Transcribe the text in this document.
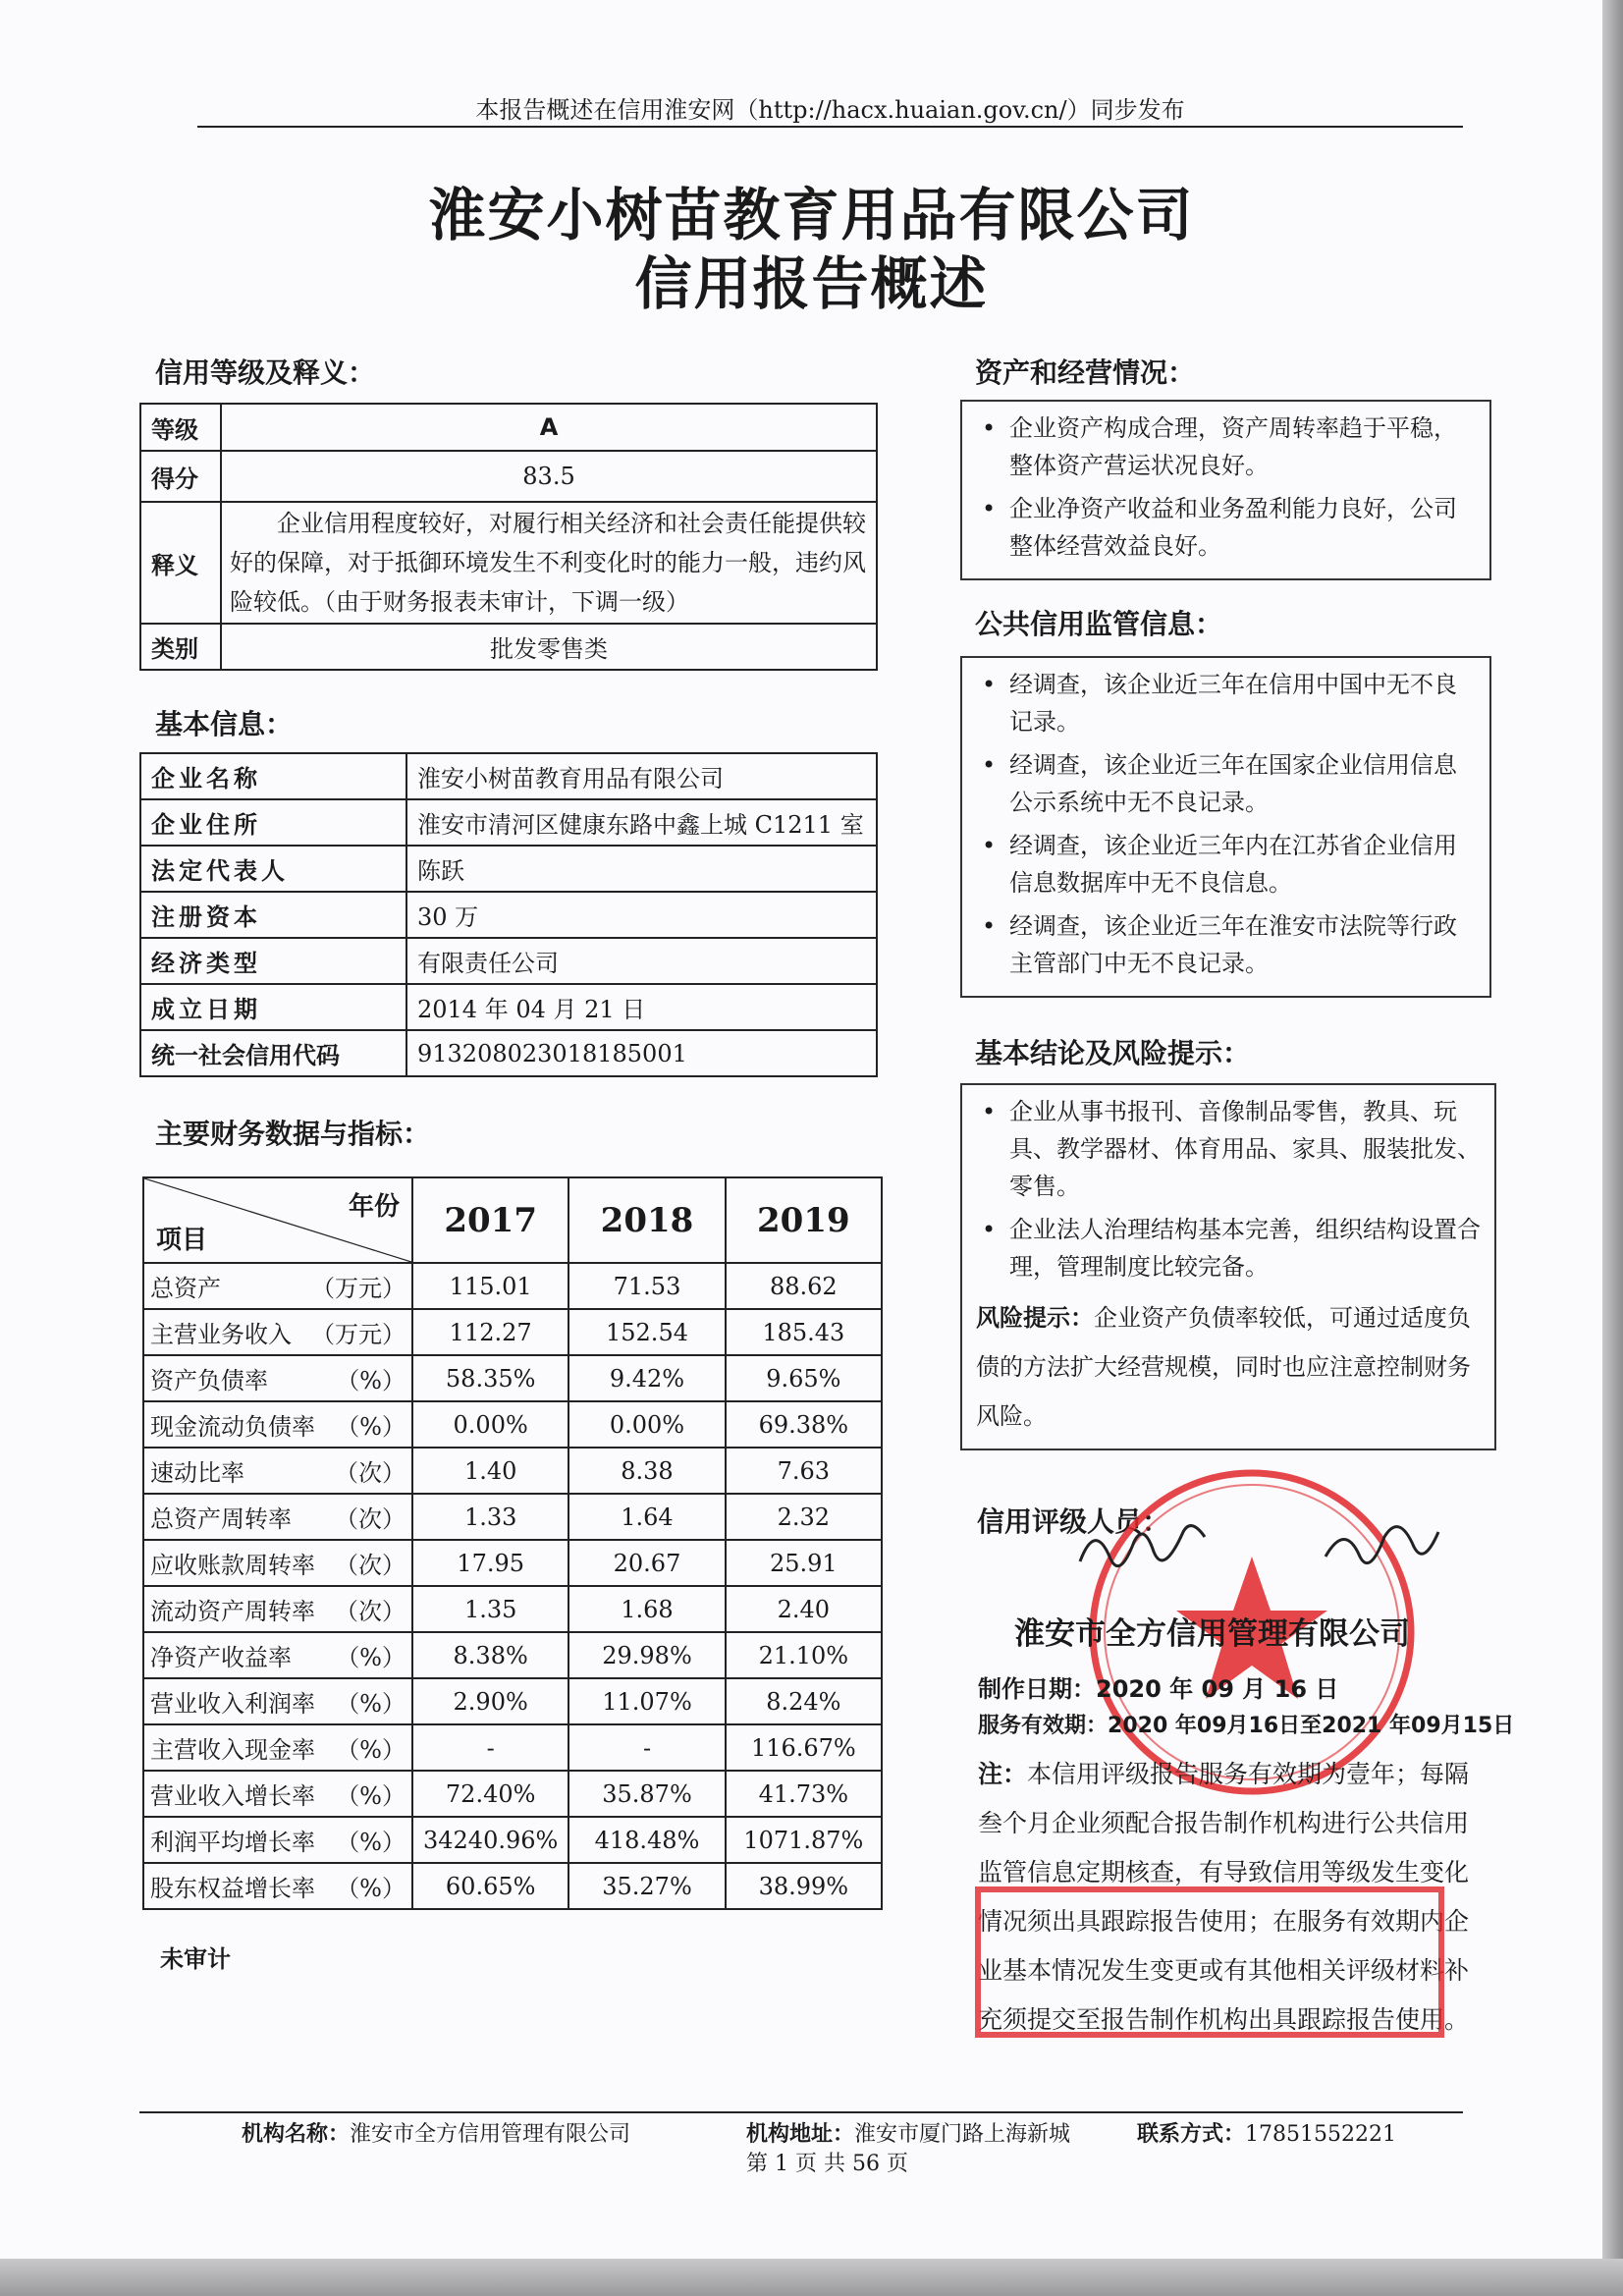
本报告概述在信用淮安网（http://hacx.huaian.gov.cn/）同步发布
淮安小树苗教育用品有限公司
信用报告概述
信用等级及释义：
等级	A
得分	83.5
释义	企业信用程度较好，对履行相关经济和社会责任能提供较好的保障，对于抵御环境发生不利变化时的能力一般，违约风险较低。（由于财务报表未审计，下调一级）
类别	批发零售类
基本信息：
企业名称	淮安小树苗教育用品有限公司
企业住所	淮安市清河区健康东路中鑫上城 C1211 室
法定代表人	陈跃
注册资本	30 万
经济类型	有限责任公司
成立日期	2014 年 04 月 21 日
统一社会信用代码	913208023018185001
主要财务数据与指标：
年份
项目	2017	2018	2019
总资产 （万元）	115.01	71.53	88.62
主营业务收入 （万元）	112.27	152.54	185.43
资产负债率 （%）	58.35%	9.42%	9.65%
现金流动负债率 （%）	0.00%	0.00%	69.38%
速动比率 （次）	1.40	8.38	7.63
总资产周转率 （次）	1.33	1.64	2.32
应收账款周转率 （次）	17.95	20.67	25.91
流动资产周转率 （次）	1.35	1.68	2.40
净资产收益率 （%）	8.38%	29.98%	21.10%
营业收入利润率 （%）	2.90%	11.07%	8.24%
主营收入现金率 （%）	-	-	116.67%
营业收入增长率 （%）	72.40%	35.87%	41.73%
利润平均增长率 （%）	34240.96%	418.48%	1071.87%
股东权益增长率 （%）	60.65%	35.27%	38.99%
未审计
资产和经营情况：
• 企业资产构成合理，资产周转率趋于平稳，整体资产营运状况良好。
• 企业净资产收益和业务盈利能力良好，公司整体经营效益良好。
公共信用监管信息：
• 经调查，该企业近三年在信用中国中无不良记录。
• 经调查，该企业近三年在国家企业信用信息公示系统中无不良记录。
• 经调查，该企业近三年内在江苏省企业信用信息数据库中无不良信息。
• 经调查，该企业近三年在淮安市法院等行政主管部门中无不良记录。
基本结论及风险提示：
• 企业从事书报刊、音像制品零售，教具、玩具、教学器材、体育用品、家具、服装批发、零售。
• 企业法人治理结构基本完善，组织结构设置合理，管理制度比较完备。
风险提示：企业资产负债率较低，可通过适度负债的方法扩大经营规模，同时也应注意控制财务风险。
信用评级人员：
淮安市全方信用管理有限公司
制作日期：2020 年 09 月 16 日
服务有效期：2020 年09月16日至2021 年09月15日
注：本信用评级报告服务有效期为壹年；每隔叁个月企业须配合报告制作机构进行公共信用监管信息定期核查，有导致信用等级发生变化情况须出具跟踪报告使用；在服务有效期内企业基本情况发生变更或有其他相关评级材料补充须提交至报告制作机构出具跟踪报告使用。
机构名称：淮安市全方信用管理有限公司	机构地址：淮安市厦门路上海新城	联系方式：17851552221
第 1 页 共 56 页
